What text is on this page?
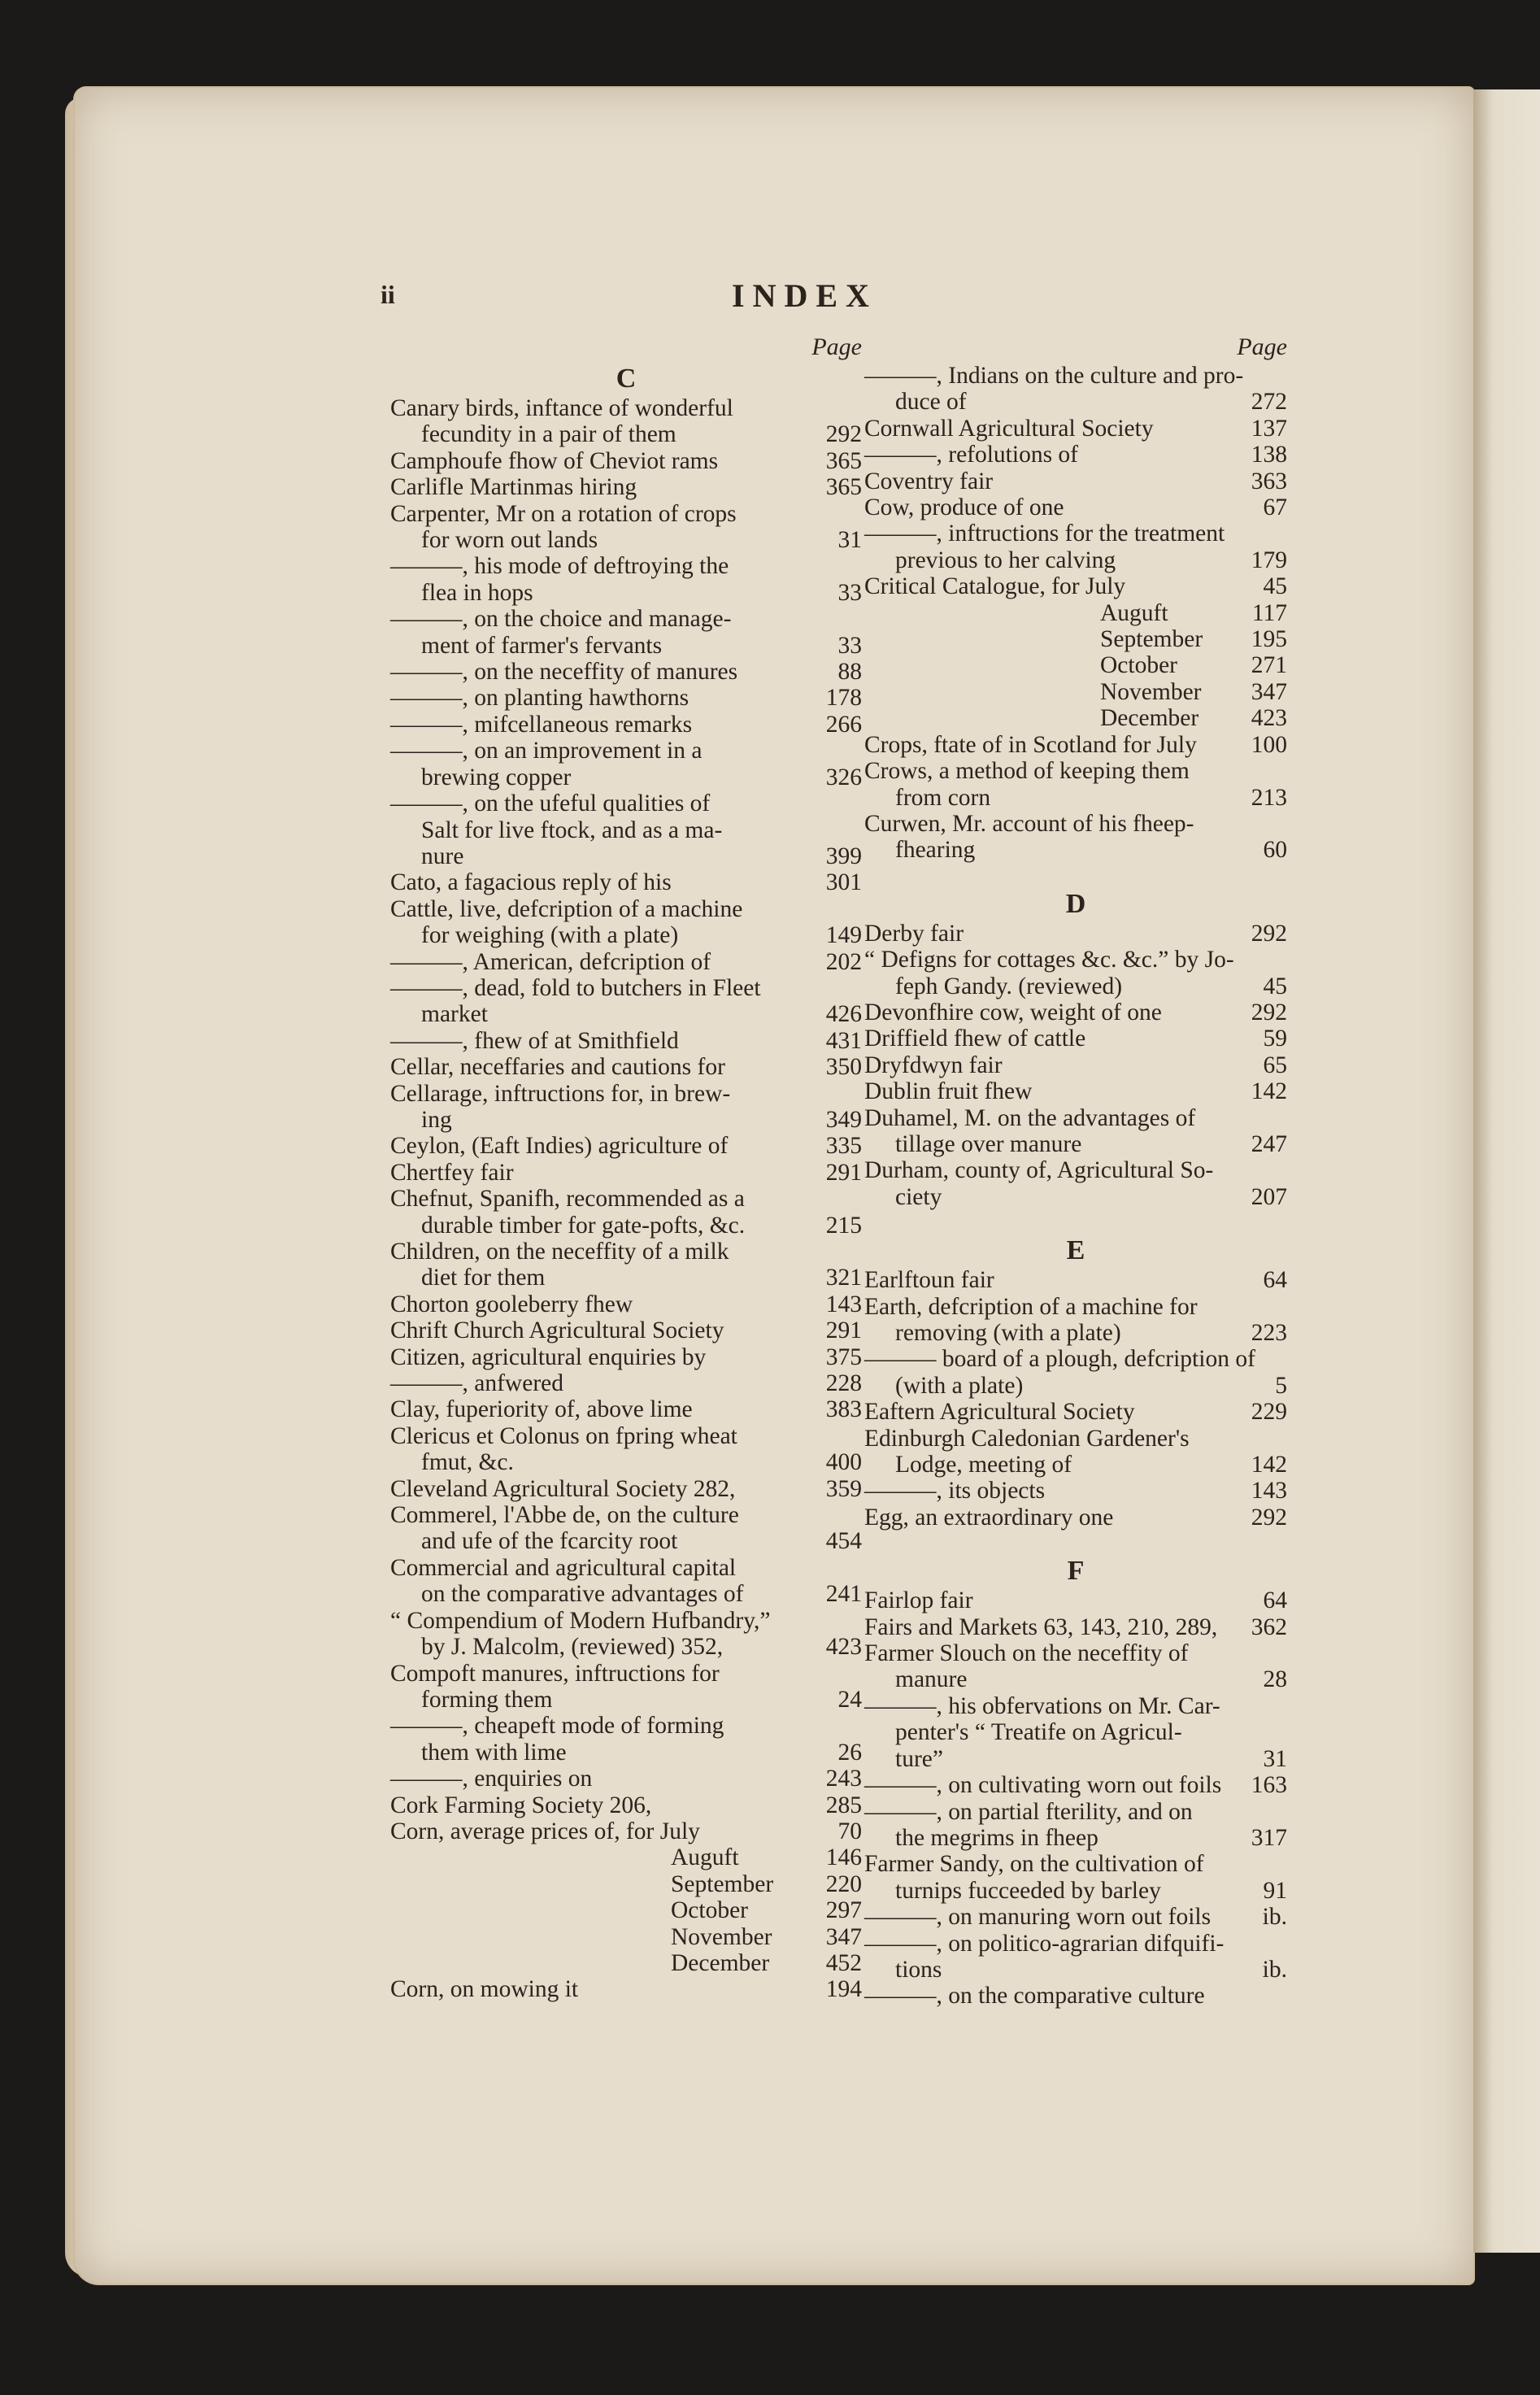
ii	INDEX
Page
C
Canary birds, inftance of wonderful
fecundity in a pair of them	292
Camphoufe fhow of Cheviot rams	365
Carlifle Martinmas hiring	365
Carpenter, Mr on a rotation of crops
for worn out lands	31
———, his mode of deftroying the
flea in hops	33
———, on the choice and manage-
ment of farmer's fervants	33
———, on the neceffity of manures	88
———, on planting hawthorns	178
———, mifcellaneous remarks	266
———, on an improvement in a
brewing copper	326
———, on the ufeful qualities of
Salt for live ftock, and as a ma-
nure	399
Cato, a fagacious reply of his	301
Cattle, live, defcription of a machine
for weighing (with a plate)	149
———, American, defcription of	202
———, dead, fold to butchers in Fleet
market	426
———, fhew of at Smithfield	431
Cellar, neceffaries and cautions for	350
Cellarage, inftructions for, in brew-
ing	349
Ceylon, (Eaft Indies) agriculture of	335
Chertfey fair	291
Chefnut, Spanifh, recommended as a
durable timber for gate-pofts, &c.	215
Children, on the neceffity of a milk
diet for them	321
Chorton gooleberry fhew	143
Chrift Church Agricultural Society	291
Citizen, agricultural enquiries by	375
———, anfwered	228
Clay, fuperiority of, above lime	383
Clericus et Colonus on fpring wheat
fmut, &c.	400
Cleveland Agricultural Society 282,	359
Commerel, l'Abbe de, on the culture
and ufe of the fcarcity root	454
Commercial and agricultural capital
on the comparative advantages of	241
“ Compendium of Modern Hufbandry,”
by J. Malcolm, (reviewed) 352,	423
Compoft manures, inftructions for
forming them	24
———, cheapeft mode of forming
them with lime	26
———, enquiries on	243
Cork Farming Society 206,	285
Corn, average prices of, for July	70
Auguft	146
September	220
October	297
November	347
December	452
Corn, on mowing it	194
Page
———, Indians on the culture and pro-
duce of	272
Cornwall Agricultural Society	137
———, refolutions of	138
Coventry fair	363
Cow, produce of one	67
———, inftructions for the treatment
previous to her calving	179
Critical Catalogue, for July	45
Auguft	117
September	195
October	271
November	347
December	423
Crops, ftate of in Scotland for July	100
Crows, a method of keeping them
from corn	213
Curwen, Mr. account of his fheep-
fhearing	60
D
Derby fair	292
“ Defigns for cottages &c. &c.” by Jo-
feph Gandy. (reviewed)	45
Devonfhire cow, weight of one	292
Driffield fhew of cattle	59
Dryfdwyn fair	65
Dublin fruit fhew	142
Duhamel, M. on the advantages of
tillage over manure	247
Durham, county of, Agricultural So-
ciety	207
E
Earlftoun fair	64
Earth, defcription of a machine for
removing (with a plate)	223
——— board of a plough, defcription of
(with a plate)	5
Eaftern Agricultural Society	229
Edinburgh Caledonian Gardener's
Lodge, meeting of	142
———, its objects	143
Egg, an extraordinary one	292
F
Fairlop fair	64
Fairs and Markets 63, 143, 210, 289,	362
Farmer Slouch on the neceffity of
manure	28
———, his obfervations on Mr. Car-
penter's “ Treatife on Agricul-
ture”	31
———, on cultivating worn out foils	163
———, on partial fterility, and on
the megrims in fheep	317
Farmer Sandy, on the cultivation of
turnips fucceeded by barley	91
———, on manuring worn out foils	ib.
———, on politico-agrarian difquifi-
tions	ib.
———, on the comparative culture
